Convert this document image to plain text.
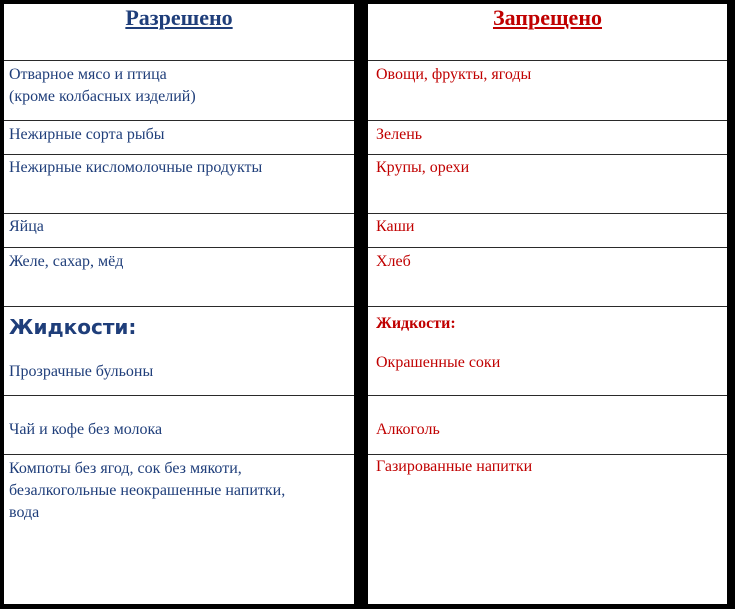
Разрешено
Отварное мясо и птица
(кроме колбасных изделий)
Нежирные сорта рыбы
Нежирные кисломолочные продукты
Яйца
Желе, сахар, мёд
Жидкости:
Прозрачные бульоны
Чай и кофе без молока
Компоты без ягод, сок без мякоти,
безалкогольные неокрашенные напитки,
вода
Запрещено
Овощи, фрукты, ягоды
Зелень
Крупы, орехи
Каши
Хлеб
Жидкости:
Окрашенные соки
Алкоголь
Газированные напитки
